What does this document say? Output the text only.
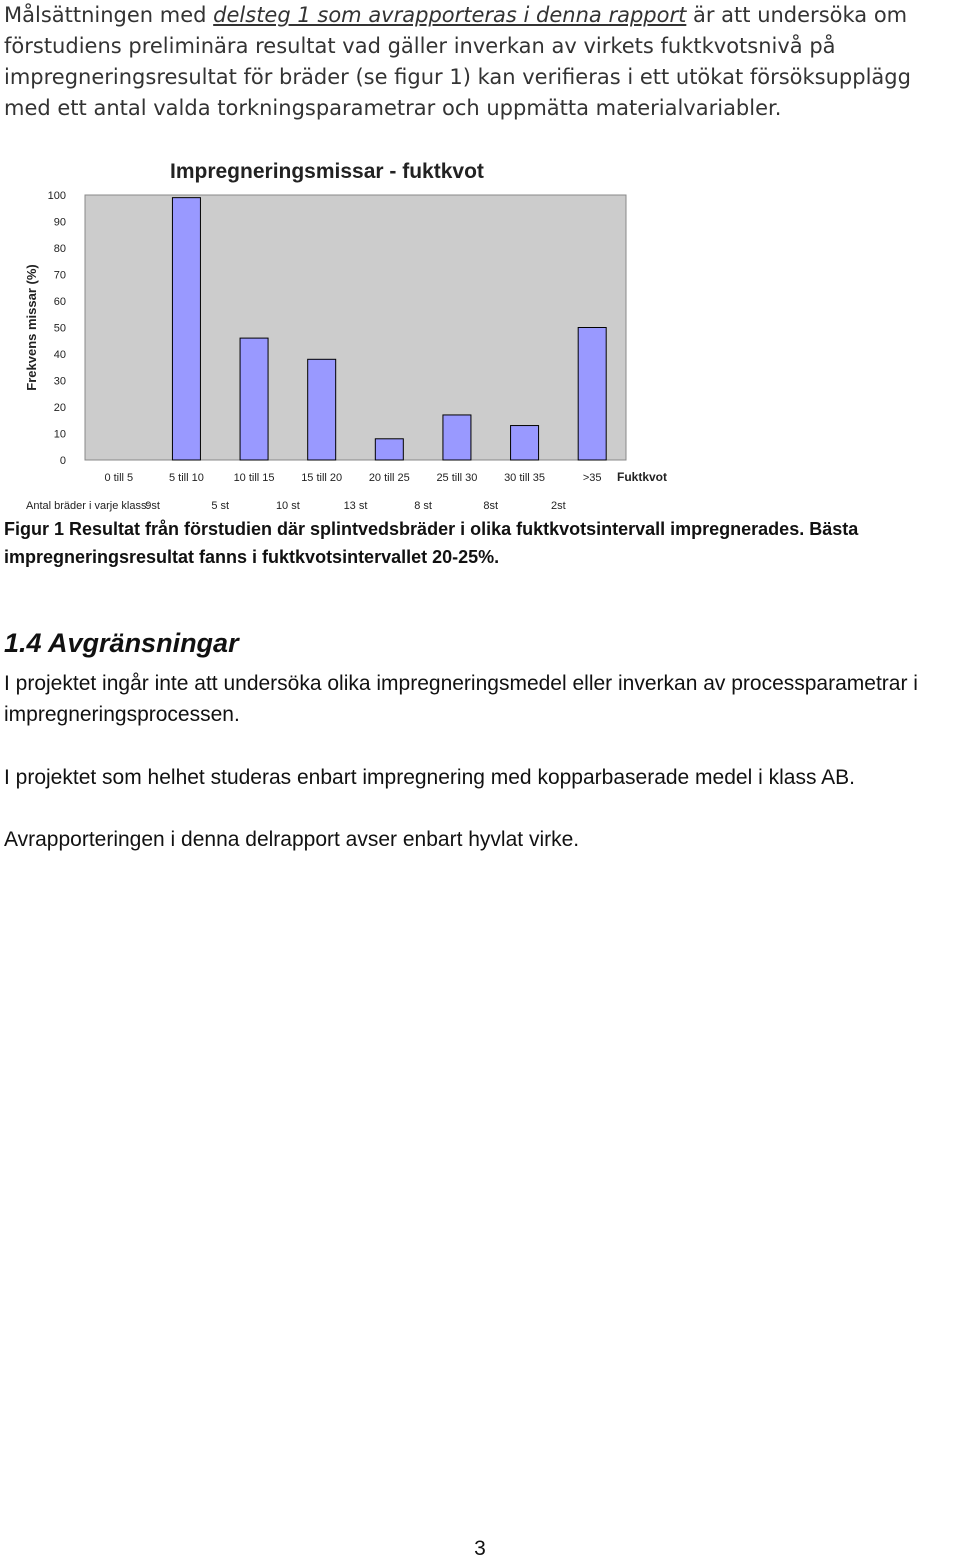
Målsättningen med delsteg 1 som avrapporteras i denna rapport är att undersöka om förstudiens preliminära resultat vad gäller inverkan av virkets fuktkvotsnivå på impregneringsresultat för bräder (se figur 1) kan verifieras i ett utökat försöksupplägg med ett antal valda torkningsparametrar och uppmätta materialvariabler.

0
10
20
30
40
50
60
70
80
90
100
Frekvens missar (%)
Impregneringsmissar - fuktkvot
0 till 5	5 till 10	10 till 15 15 till 20 20 till 25 25 till 30 30 till 35	>35 Fuktkvot
Antal bräder i varje klass:
9st	5 st	10 st	13 st	8 st	8st	2st

Figur 1 Resultat från förstudien där splintvedsbräder i olika fuktkvotsintervall impregnerades. Bästa impregneringsresultat fanns i fuktkvotsintervallet 20-25%.

1.4 Avgränsningar

I projektet ingår inte att undersöka olika impregneringsmedel eller inverkan av processparametrar i impregneringsprocessen.

I projektet som helhet studeras enbart impregnering med kopparbaserade medel i klass AB.

Avrapporteringen i denna delrapport avser enbart hyvlat virke.

3
